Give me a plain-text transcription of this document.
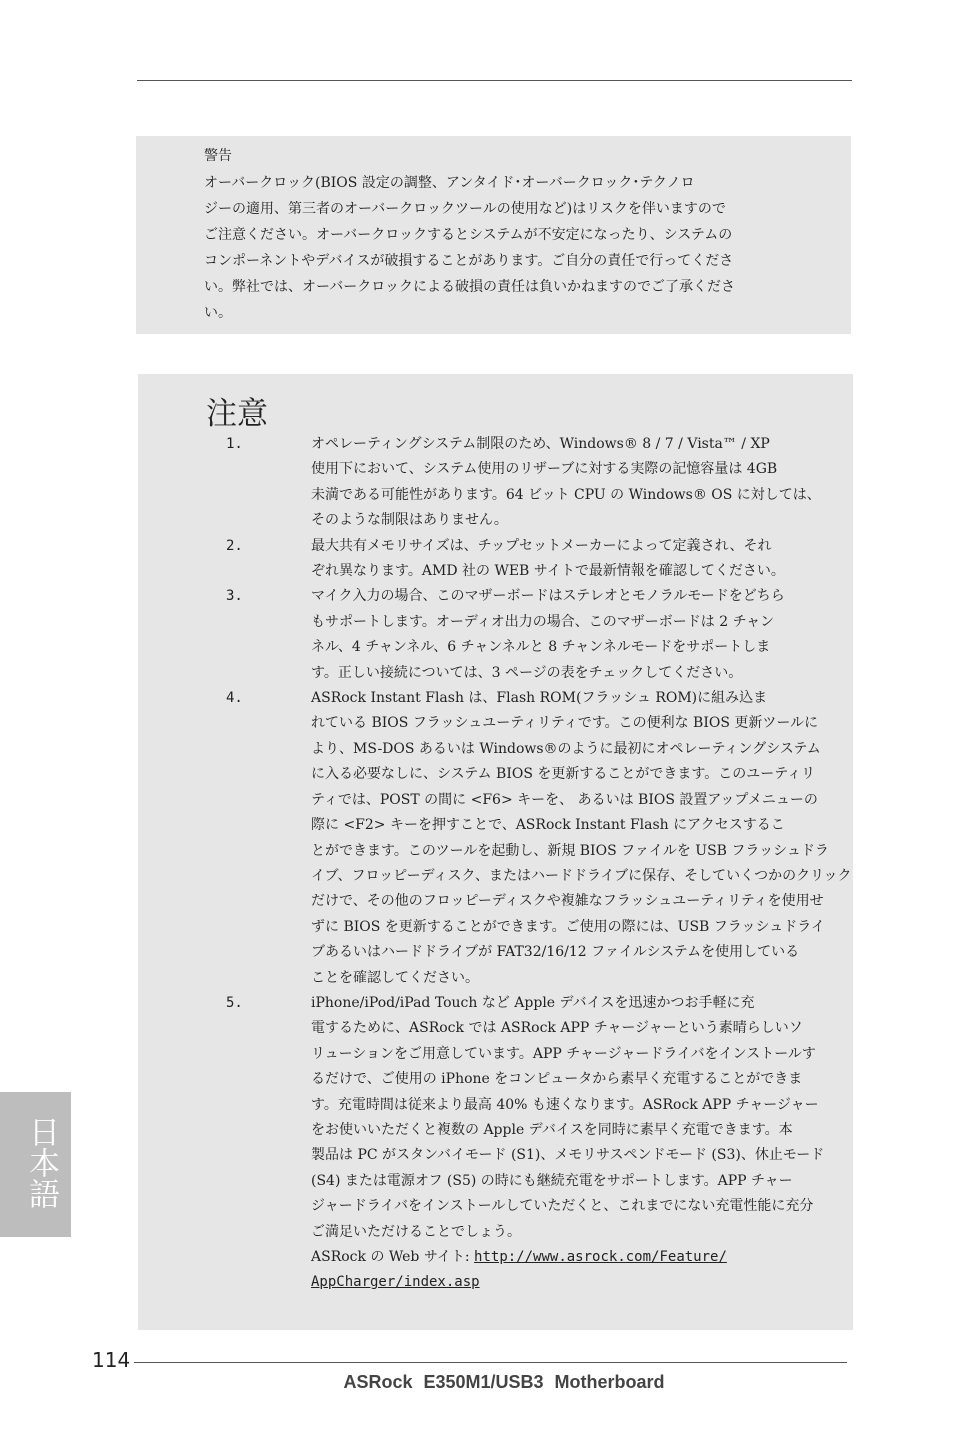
警告
オーバークロック(BIOS 設定の調整、アンタイド･オーバークロック･テクノロ
ジーの適用、第三者のオーバークロックツールの使用など)はリスクを伴いますので
ご注意ください。オーバークロックするとシステムが不安定になったり、システムの
コンポーネントやデバイスが破損することがあります。ご自分の責任で行ってくださ
い。弊社では、オーバークロックによる破損の責任は負いかねますのでご了承くださ
い。
注意
1.	オペレーティングシステム制限のため、Windows® 8 / 7 / Vista™ / XP
使用下において、システム使用のリザーブに対する実際の記憶容量は 4GB
未満である可能性があります。64 ビット CPU の Windows® OS に対しては、
そのような制限はありません。
2.	最大共有メモリサイズは、チップセットメーカーによって定義され、それ
ぞれ異なります。AMD 社の WEB サイトで最新情報を確認してください。
3.	マイク入力の場合、このマザーボードはステレオとモノラルモードをどちら
もサポートします。オーディオ出力の場合、このマザーボードは 2 チャン
ネル、4 チャンネル、6 チャンネルと 8 チャンネルモードをサポートしま
す。正しい接続については、3 ページの表をチェックしてください。
4.	ASRock Instant Flash は、Flash ROM(フラッシュ ROM)に組み込ま
れている BIOS フラッシュユーティリティです。この便利な BIOS 更新ツールに
より、MS-DOS あるいは Windows®のように最初にオペレーティングシステム
に入る必要なしに、システム BIOS を更新することができます。このユーティリ
ティでは、POST の間に <F6> キーを、 あるいは BIOS 設置アップメニューの
際に <F2> キーを押すことで、ASRock Instant Flash にアクセスするこ
とができます。このツールを起動し、新規 BIOS ファイルを USB フラッシュドラ
イブ、フロッピーディスク、またはハードドライブに保存、そしていくつかのクリック
だけで、その他のフロッピーディスクや複雑なフラッシュユーティリティを使用せ
ずに BIOS を更新することができます。ご使用の際には、USB フラッシュドライ
ブあるいはハードドライブが FAT32/16/12 ファイルシステムを使用している
ことを確認してください。
5.	iPhone/iPod/iPad Touch など Apple デバイスを迅速かつお手軽に充
電するために、ASRock では ASRock APP チャージャーという素晴らしいソ
リューションをご用意しています。APP チャージャードライバをインストールす
るだけで、ご使用の iPhone をコンピュータから素早く充電することができま
す。充電時間は従来より最高 40% も速くなります。ASRock APP チャージャー
をお使いいただくと複数の Apple デバイスを同時に素早く充電できます。本
製品は PC がスタンバイモード (S1)、メモリサスペンドモード (S3)、休止モード
(S4) または電源オフ (S5) の時にも継続充電をサポートします。APP チャー
ジャードライバをインストールしていただくと、これまでにない充電性能に充分
ご満足いただけることでしょう。
ASRock の Web サイト: http://www.asrock.com/Feature/
AppCharger/index.asp
日本語
114
ASRock E350M1/USB3 Motherboard
